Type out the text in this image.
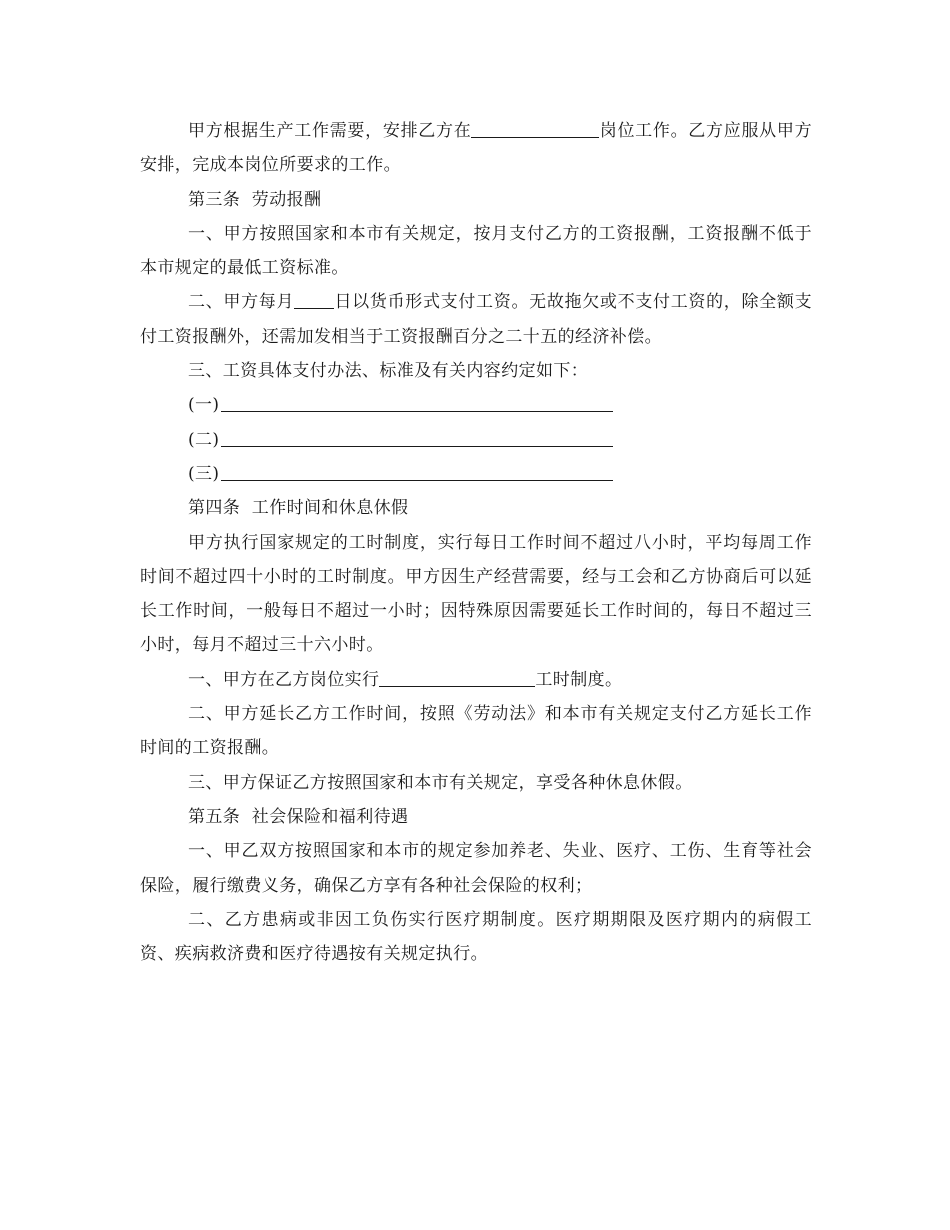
甲方根据生产工作需要，安排乙方在	岗位工作。乙方应服从甲方安排，完成本岗位所要求的工作。

第三条  劳动报酬

一、甲方按照国家和本市有关规定，按月支付乙方的工资报酬，工资报酬不低于本市规定的最低工资标准。

二、甲方每月 日以货币形式支付工资。无故拖欠或不支付工资的，除全额支付工资报酬外，还需加发相当于工资报酬百分之二十五的经济补偿。

三、工资具体支付办法、标准及有关内容约定如下：

(一)

(二)

(三)

第四条  工作时间和休息休假

甲方执行国家规定的工时制度，实行每日工作时间不超过八小时，平均每周工作时间不超过四十小时的工时制度。甲方因生产经营需要，经与工会和乙方协商后可以延长工作时间，一般每日不超过一小时；因特殊原因需要延长工作时间的，每日不超过三小时，每月不超过三十六小时。

一、甲方在乙方岗位实行	工时制度。

二、甲方延长乙方工作时间，按照《劳动法》和本市有关规定支付乙方延长工作时间的工资报酬。

三、甲方保证乙方按照国家和本市有关规定，享受各种休息休假。

第五条  社会保险和福利待遇

一、甲乙双方按照国家和本市的规定参加养老、失业、医疗、工伤、生育等社会保险，履行缴费义务，确保乙方享有各种社会保险的权利；

二、乙方患病或非因工负伤实行医疗期制度。医疗期期限及医疗期内的病假工资、疾病救济费和医疗待遇按有关规定执行。
